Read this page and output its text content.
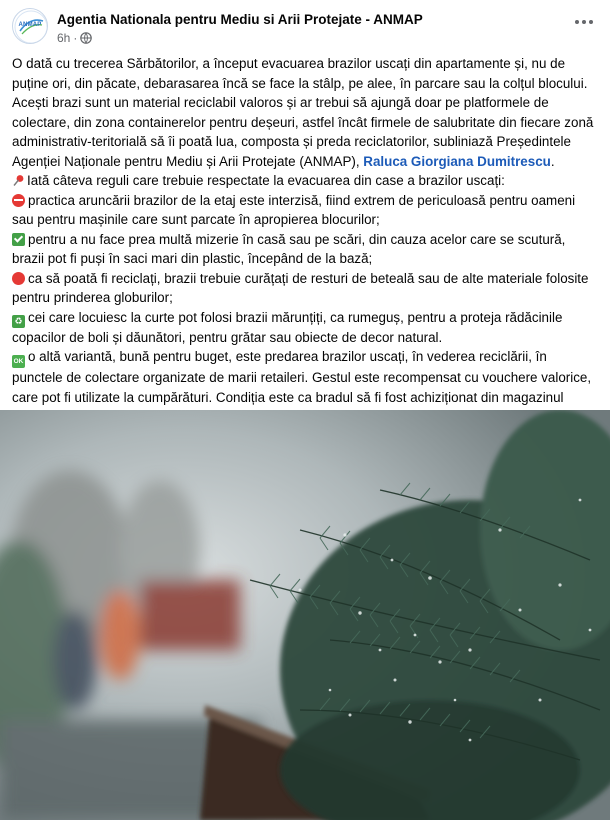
ANMAP	Agentia Nationala pentru Mediu si Arii Protejate - ANMAP
6h ·

O dată cu trecerea Sărbătorilor, a început evacuarea brazilor uscați din apartamente și, nu de puține ori, din păcate, debarasarea încă se face la stâlp, pe alee, în parcare sau la colțul blocului. Acești brazi sunt un material reciclabil valoros și ar trebui să ajungă doar pe platformele de colectare, din zona containerelor pentru deșeuri, astfel încât firmele de salubritate din fiecare zonă administrativ-teritorială să îi poată lua, composta și preda reciclatorilor, subliniază Președintele Agenției Naționale pentru Mediu și Arii Protejate (ANMAP), Raluca Giorgiana Dumitrescu.

Iată câteva reguli care trebuie respectate la evacuarea din case a brazilor uscați:

practica aruncării brazilor de la etaj este interzisă, fiind extrem de periculoasă pentru oameni sau pentru mașinile care sunt parcate în apropierea blocurilor;

pentru a nu face prea multă mizerie în casă sau pe scări, din cauza acelor care se scutură, brazii pot fi puși în saci mari din plastic, începând de la bază;

ca să poată fi reciclați, brazii trebuie curățați de resturi de beteală sau de alte materiale folosite pentru prinderea globurilor;

♻ cei care locuiesc la curte pot folosi brazii mărunțiți, ca rumeguș, pentru a proteja rădăcinile copacilor de boli și dăunători, pentru grătar sau obiecte de decor natural.

OK o altă variantă, bună pentru buget, este predarea brazilor uscați, în vederea reciclării, în punctele de colectare organizate de marii retaileri. Gestul este recompensat cu vouchere valorice, care pot fi utilizate la cumpărături. Condiția este ca bradul să fi fost achiziționat din magazinul
